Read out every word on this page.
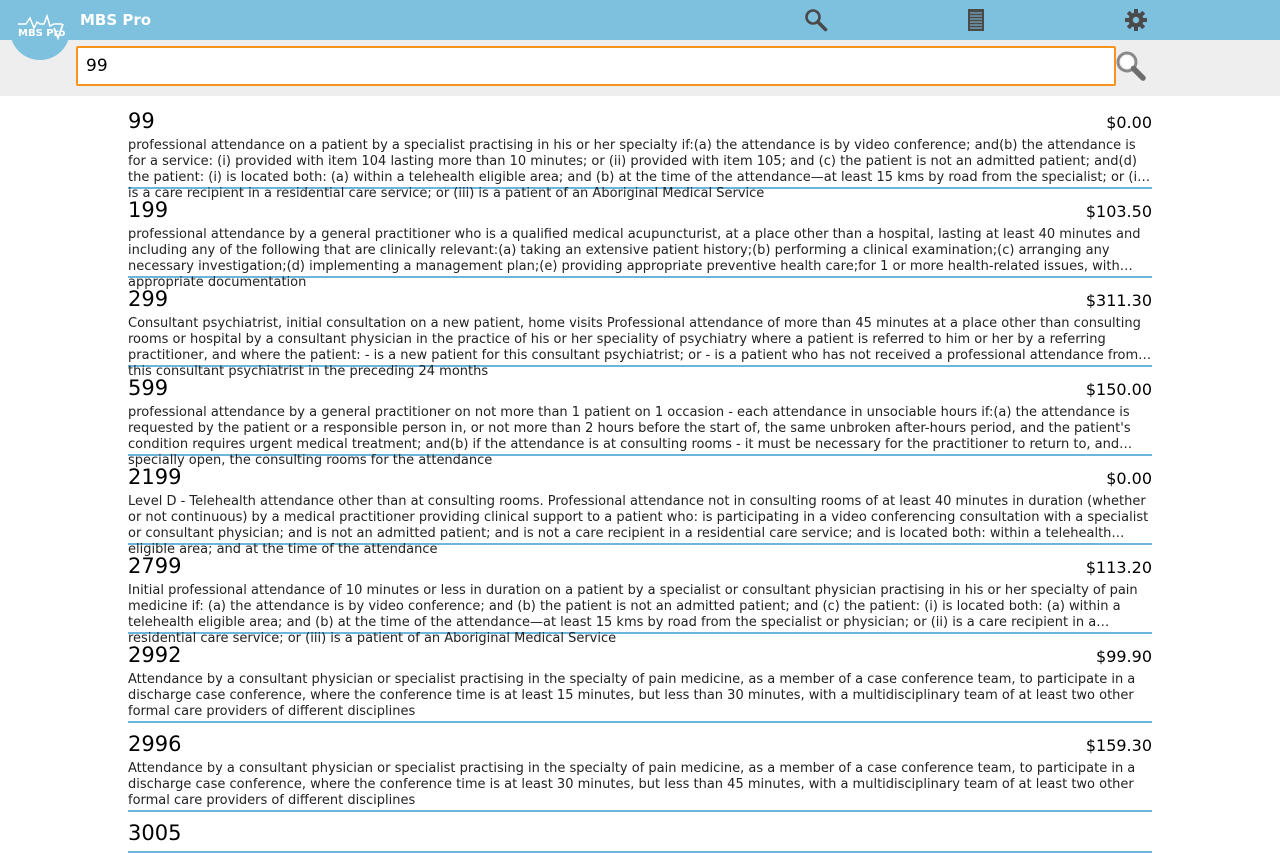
MBS Pro
MBS Pro
99
99	$0.00
professional attendance on a patient by a specialist practising in his or her specialty if:(a) the attendance is by video conference; and(b) the attendance is for a service: (i) provided with item 104 lasting more than 10 minutes; or (ii) provided with item 105; and (c) the patient is not an admitted patient; and(d) the patient: (i) is located both: (a) within a telehealth eligible area; and (b) at the time of the attendance—at least 15 kms by road from the specialist; or (ii) is a care recipient in a residential care service; or (iii) is a patient of an Aboriginal Medical Service
199	$103.50
professional attendance by a general practitioner who is a qualified medical acupuncturist, at a place other than a hospital, lasting at least 40 minutes and including any of the following that are clinically relevant:(a) taking an extensive patient history;(b) performing a clinical examination;(c) arranging any necessary investigation;(d) implementing a management plan;(e) providing appropriate preventive health care;for 1 or more health-related issues, with appropriate documentation
299	$311.30
Consultant psychiatrist, initial consultation on a new patient, home visits Professional attendance of more than 45 minutes at a place other than consulting rooms or hospital by a consultant physician in the practice of his or her speciality of psychiatry where a patient is referred to him or her by a referring practitioner, and where the patient: - is a new patient for this consultant psychiatrist; or - is a patient who has not received a professional attendance from this consultant psychiatrist in the preceding 24 months
599	$150.00
professional attendance by a general practitioner on not more than 1 patient on 1 occasion - each attendance in unsociable hours if:(a) the attendance is requested by the patient or a responsible person in, or not more than 2 hours before the start of, the same unbroken after-hours period, and the patient's condition requires urgent medical treatment; and(b) if the attendance is at consulting rooms - it must be necessary for the practitioner to return to, and specially open, the consulting rooms for the attendance
2199	$0.00
Level D - Telehealth attendance other than at consulting rooms. Professional attendance not in consulting rooms of at least 40 minutes in duration (whether or not continuous) by a medical practitioner providing clinical support to a patient who: is participating in a video conferencing consultation with a specialist or consultant physician; and is not an admitted patient; and is not a care recipient in a residential care service; and is located both: within a telehealth eligible area; and at the time of the attendance
2799	$113.20
Initial professional attendance of 10 minutes or less in duration on a patient by a specialist or consultant physician practising in his or her specialty of pain medicine if: (a) the attendance is by video conference; and (b) the patient is not an admitted patient; and (c) the patient: (i) is located both: (a) within a telehealth eligible area; and (b) at the time of the attendance—at least 15 kms by road from the specialist or physician; or (ii) is a care recipient in a residential care service; or (iii) is a patient of an Aboriginal Medical Service
2992	$99.90
Attendance by a consultant physician or specialist practising in the specialty of pain medicine, as a member of a case conference team, to participate in a discharge case conference, where the conference time is at least 15 minutes, but less than 30 minutes, with a multidisciplinary team of at least two other formal care providers of different disciplines
2996	$159.30
Attendance by a consultant physician or specialist practising in the specialty of pain medicine, as a member of a case conference team, to participate in a discharge case conference, where the conference time is at least 30 minutes, but less than 45 minutes, with a multidisciplinary team of at least two other formal care providers of different disciplines
3005
